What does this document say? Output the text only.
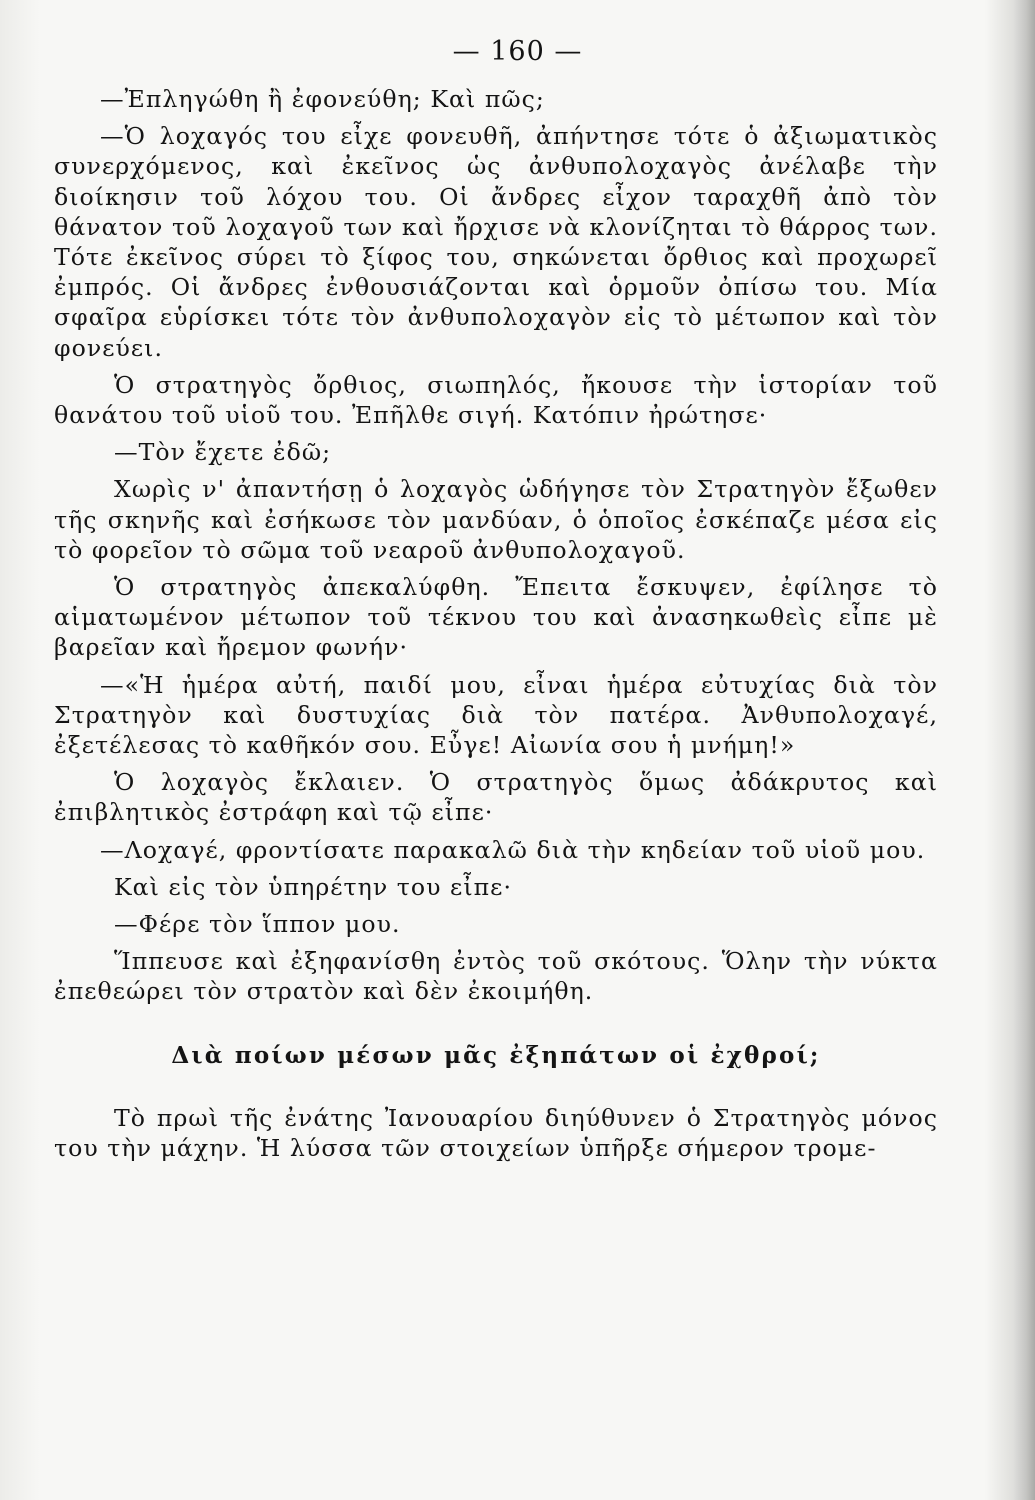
— 160 —

—Ἐπληγώθη ἢ ἐφονεύθη; Καὶ πῶς;

—Ὁ λοχαγός του εἶχε φονευθῆ, ἀπήντησε τότε ὁ ἀξιωματικὸς συνερχόμενος, καὶ ἐκεῖνος ὡς ἀνθυπολοχαγὸς ἀνέλαβε τὴν διοίκησιν τοῦ λόχου του. Οἱ ἄνδρες εἶχον ταραχθῆ ἀπὸ τὸν θάνατον τοῦ λοχαγοῦ των καὶ ἤρχισε νὰ κλονίζηται τὸ θάρρος των. Τότε ἐκεῖνος σύρει τὸ ξίφος του, σηκώνεται ὄρθιος καὶ προχωρεῖ ἐμπρός. Οἱ ἄνδρες ἐνθουσιάζονται καὶ ὁρμοῦν ὀπίσω του. Μία σφαῖρα εὑρίσκει τότε τὸν ἀνθυπολοχαγὸν εἰς τὸ μέτωπον καὶ τὸν φονεύει.

Ὁ στρατηγὸς ὄρθιος, σιωπηλός, ἤκουσε τὴν ἱστορίαν τοῦ θανάτου τοῦ υἱοῦ του. Ἐπῆλθε σιγή. Κατόπιν ἠρώτησε·

—Τὸν ἔχετε ἐδῶ;

Χωρὶς ν' ἀπαντήσῃ ὁ λοχαγὸς ὡδήγησε τὸν Στρατηγὸν ἔξωθεν τῆς σκηνῆς καὶ ἐσήκωσε τὸν μανδύαν, ὁ ὁποῖος ἐσκέπαζε μέσα εἰς τὸ φορεῖον τὸ σῶμα τοῦ νεαροῦ ἀνθυπολοχαγοῦ.

Ὁ στρατηγὸς ἀπεκαλύφθη. Ἔπειτα ἔσκυψεν, ἐφίλησε τὸ αἱματωμένον μέτωπον τοῦ τέκνου του καὶ ἀνασηκωθεὶς εἶπε μὲ βαρεῖαν καὶ ἤρεμον φωνήν·

—«Ἡ ἡμέρα αὐτή, παιδί μου, εἶναι ἡμέρα εὐτυχίας διὰ τὸν Στρατηγὸν καὶ δυστυχίας διὰ τὸν πατέρα. Ἀνθυπολοχαγέ, ἐξετέλεσας τὸ καθῆκόν σου. Εὖγε! Αἰωνία σου ἡ μνήμη!»

Ὁ λοχαγὸς ἔκλαιεν. Ὁ στρατηγὸς ὅμως ἀδάκρυτος καὶ ἐπιβλητικὸς ἐστράφη καὶ τῷ εἶπε·

—Λοχαγέ, φροντίσατε παρακαλῶ διὰ τὴν κηδείαν τοῦ υἱοῦ μου.

Καὶ εἰς τὸν ὑπηρέτην του εἶπε·

—Φέρε τὸν ἵππον μου.

Ἵππευσε καὶ ἐξηφανίσθη ἐντὸς τοῦ σκότους. Ὅλην τὴν νύκτα ἐπεθεώρει τὸν στρατὸν καὶ δὲν ἐκοιμήθη.

Διὰ ποίων μέσων μᾶς ἐξηπάτων οἱ ἐχθροί;

Τὸ πρωὶ τῆς ἐνάτης Ἰανουαρίου διηύθυνεν ὁ Στρατηγὸς μόνος του τὴν μάχην. Ἡ λύσσα τῶν στοιχείων ὑπῆρξε σήμερον τρομε-
